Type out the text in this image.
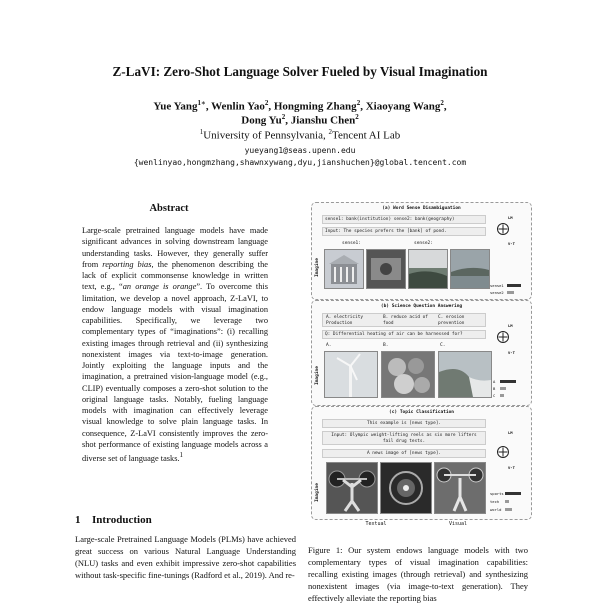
Z-LaVI: Zero-Shot Language Solver Fueled by Visual Imagination
Yue Yang$^{1∗}$, Wenlin Yao$^2$, Hongming Zhang$^2$, Xiaoyang Wang$^2$,
Dong Yu$^2$, Jianshu Chen$^2$
$^1$University of Pennsylvania, $^2$Tencent AI Lab
yueyang1@seas.upenn.edu
{wenlinyao,hongmzhang,shawnxywang,dyu,jianshuchen}@global.tencent.com
Abstract
Large-scale pretrained language models have made significant advances in solving downstream language understanding tasks. However, they generally suffer from reporting bias, the phenomenon describing the lack of explicit commonsense knowledge in written text, e.g., “an orange is orange”. To overcome this limitation, we develop a novel approach, Z-LaVI, to endow language models with visual imagination capabilities. Specifically, we leverage two complementary types of “imaginations”: (i) recalling existing images through retrieval and (ii) synthesizing nonexistent images via text-to-image generation. Jointly exploiting the language inputs and the imagination, a pretrained vision-language model (e.g., CLIP) eventually composes a zero-shot solution to the original language tasks. Notably, fueling language models with imagination can effectively leverage visual knowledge to solve plain language tasks. In consequence, Z-LaVI consistently improves the zero-shot performance of existing language models across a diverse set of language tasks.$^1$
1 Introduction
Large-scale Pretrained Language Models (PLMs) have achieved great success on various Natural Language Understanding (NLU) tasks and even exhibit impressive zero-shot capabilities without task-specific fine-tunings (Radford et al., 2019). And re-
Figure 1: Our system endows language models with two complementary types of visual imagination capabilities: recalling existing images (through retrieval) and synthesizing nonexistent images (via image-to-text generation). They effectively alleviate the reporting bias
(a) Word Sense Disambiguation
sense1: bank(institution) sense2: bank(geography)
Input: The species prefers the [bank] of pond.
sense1:	sense2:
Imagine
LM
V-T
sense1
sense2
(b) Science Question Answering
A. electricity Production
B. reduce acid of food
C. erosion prevention
Q: Differential heating of air can be harnessed for?
A.	B.	C.
Imagine
LM
V-T
A
B
C
(c) Topic Classification
This example is [news type].
Input: Olympic weight-lifting reels as six more lifters fail drug tests.
A news image of [news type].
Imagine
LM
V-T
sports
tech
world
Textual	Visual
